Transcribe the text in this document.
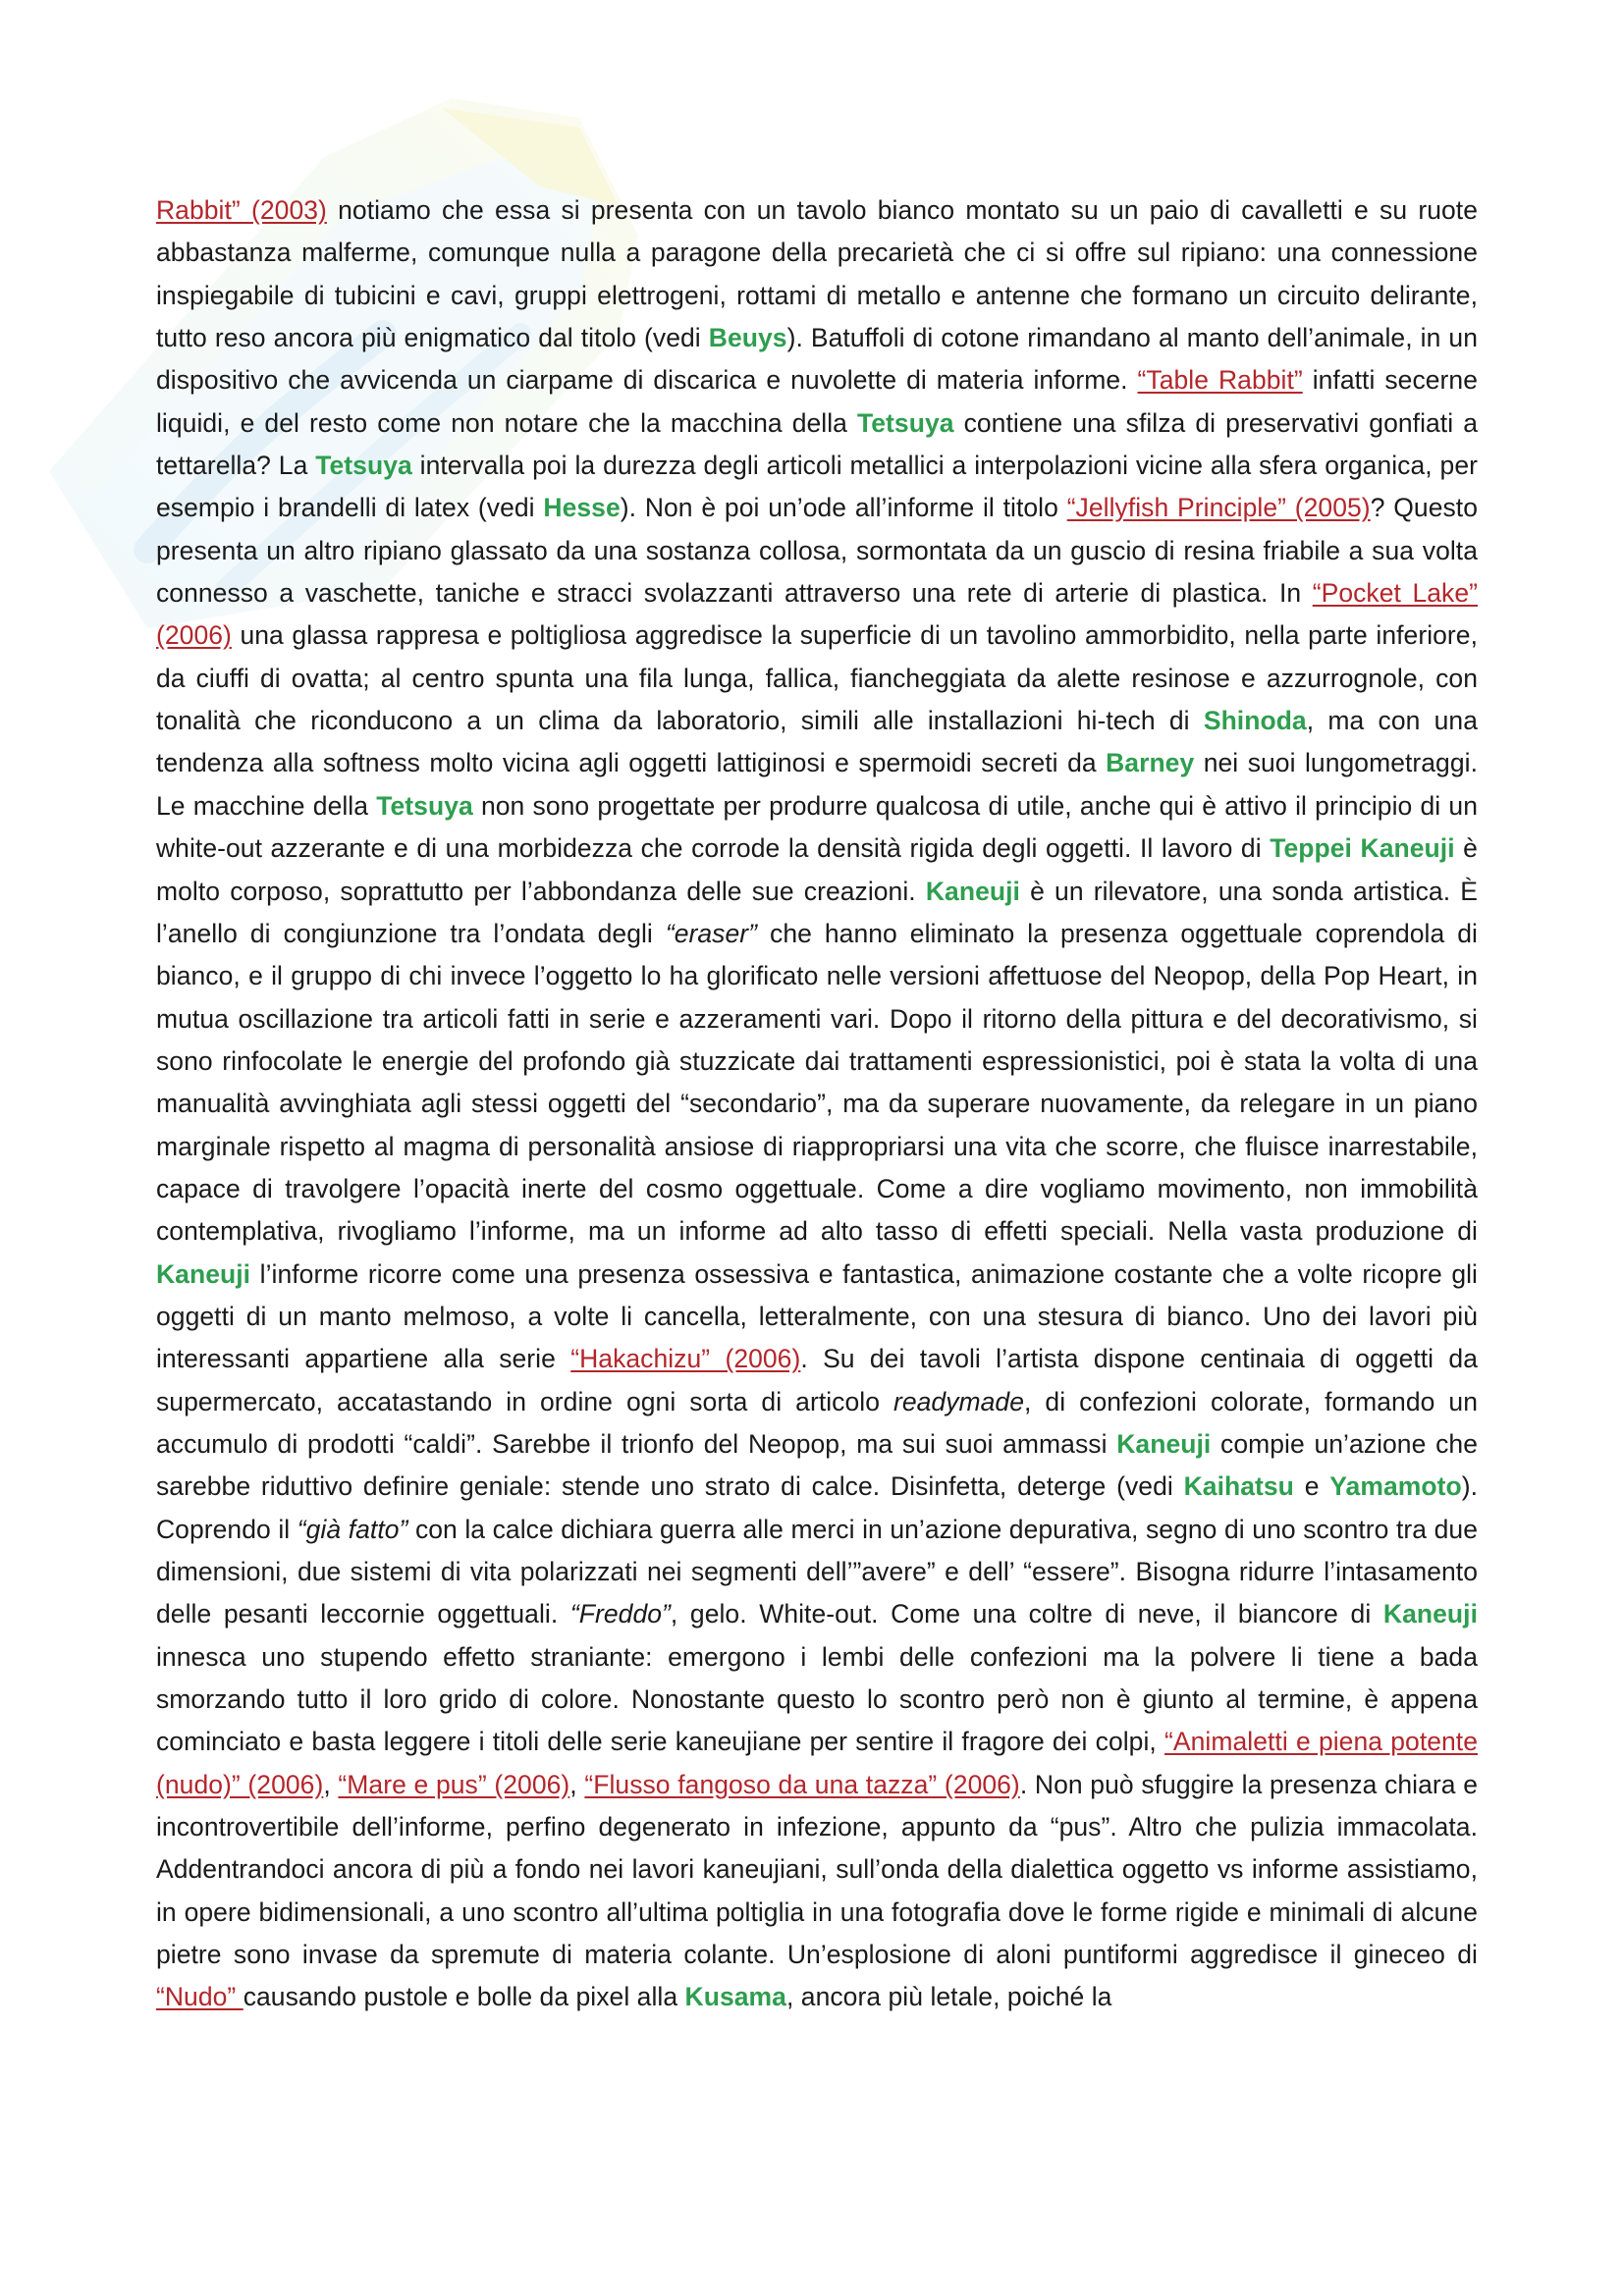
Rabbit” (2003) notiamo che essa si presenta con un tavolo bianco montato su un paio di cavalletti e su ruote abbastanza malferme, comunque nulla a paragone della precarietà che ci si offre sul ripiano: una connessione inspiegabile di tubicini e cavi, gruppi elettrogeni, rottami di metallo e antenne che formano un circuito delirante, tutto reso ancora più enigmatico dal titolo (vedi Beuys). Batuffoli di cotone rimandano al manto dell’animale, in un dispositivo che avvicenda un ciarpame di discarica e nuvolette di materia informe. “Table Rabbit” infatti secerne liquidi, e del resto come non notare che la macchina della Tetsuya contiene una sfilza di preservativi gonfiati a tettarella? La Tetsuya intervalla poi la durezza degli articoli metallici a interpolazioni vicine alla sfera organica, per esempio i brandelli di latex (vedi Hesse). Non è poi un’ode all’informe il titolo “Jellyfish Principle” (2005)? Questo presenta un altro ripiano glassato da una sostanza collosa, sormontata da un guscio di resina friabile a sua volta connesso a vaschette, taniche e stracci svolazzanti attraverso una rete di arterie di plastica. In “Pocket Lake” (2006) una glassa rappresa e poltigliosa aggredisce la superficie di un tavolino ammorbidito, nella parte inferiore, da ciuffi di ovatta; al centro spunta una fila lunga, fallica, fiancheggiata da alette resinose e azzurrognole, con tonalità che riconducono a un clima da laboratorio, simili alle installazioni hi-tech di Shinoda, ma con una tendenza alla softness molto vicina agli oggetti lattiginosi e spermoidi secreti da Barney nei suoi lungometraggi. Le macchine della Tetsuya non sono progettate per produrre qualcosa di utile, anche qui è attivo il principio di un white-out azzerante e di una morbidezza che corrode la densità rigida degli oggetti. Il lavoro di Teppei Kaneuji è molto corposo, soprattutto per l’abbondanza delle sue creazioni. Kaneuji è un rilevatore, una sonda artistica. È l’anello di congiunzione tra l’ondata degli “eraser” che hanno eliminato la presenza oggettuale coprendola di bianco, e il gruppo di chi invece l’oggetto lo ha glorificato nelle versioni affettuose del Neopop, della Pop Heart, in mutua oscillazione tra articoli fatti in serie e azzeramenti vari. Dopo il ritorno della pittura e del decorativismo, si sono rinfocolate le energie del profondo già stuzzicate dai trattamenti espressionistici, poi è stata la volta di una manualità avvinghiata agli stessi oggetti del “secondario”, ma da superare nuovamente, da relegare in un piano marginale rispetto al magma di personalità ansiose di riappropriarsi una vita che scorre, che fluisce inarrestabile, capace di travolgere l’opacità inerte del cosmo oggettuale. Come a dire vogliamo movimento, non immobilità contemplativa, rivogliamo l’informe, ma un informe ad alto tasso di effetti speciali. Nella vasta produzione di Kaneuji l’informe ricorre come una presenza ossessiva e fantastica, animazione costante che a volte ricopre gli oggetti di un manto melmoso, a volte li cancella, letteralmente, con una stesura di bianco. Uno dei lavori più interessanti appartiene alla serie “Hakachizu” (2006). Su dei tavoli l’artista dispone centinaia di oggetti da supermercato, accatastando in ordine ogni sorta di articolo readymade, di confezioni colorate, formando un accumulo di prodotti “caldi”. Sarebbe il trionfo del Neopop, ma sui suoi ammassi Kaneuji compie un’azione che sarebbe riduttivo definire geniale: stende uno strato di calce. Disinfetta, deterge (vedi Kaihatsu e Yamamoto). Coprendo il “già fatto” con la calce dichiara guerra alle merci in un’azione depurativa, segno di uno scontro tra due dimensioni, due sistemi di vita polarizzati nei segmenti dell’”avere” e dell’ “essere”. Bisogna ridurre l’intasamento delle pesanti leccornie oggettuali. “Freddo”, gelo. White-out. Come una coltre di neve, il biancore di Kaneuji innesca uno stupendo effetto straniante: emergono i lembi delle confezioni ma la polvere li tiene a bada smorzando tutto il loro grido di colore. Nonostante questo lo scontro però non è giunto al termine, è appena cominciato e basta leggere i titoli delle serie kaneujiane per sentire il fragore dei colpi, “Animaletti e piena potente (nudo)” (2006), “Mare e pus” (2006), “Flusso fangoso da una tazza” (2006). Non può sfuggire la presenza chiara e incontrovertibile dell’informe, perfino degenerato in infezione, appunto da “pus”. Altro che pulizia immacolata. Addentrandoci ancora di più a fondo nei lavori kaneujiani, sull’onda della dialettica oggetto vs informe assistiamo, in opere bidimensionali, a uno scontro all’ultima poltiglia in una fotografia dove le forme rigide e minimali di alcune pietre sono invase da spremute di materia colante. Un’esplosione di aloni puntiformi aggredisce il gineceo di “Nudo” causando pustole e bolle da pixel alla Kusama, ancora più letale, poiché la
